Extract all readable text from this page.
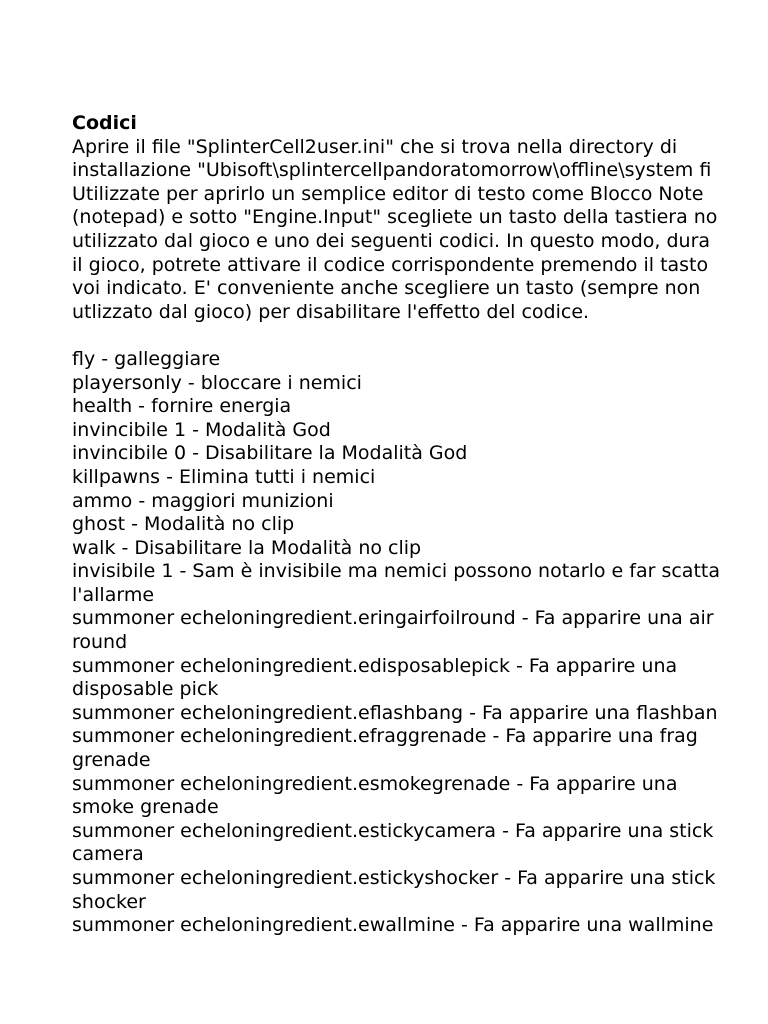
Codici
Aprire il file "SplinterCell2user.ini" che si trova nella directory di
installazione "Ubisoft\splintercellpandoratomorrow\offline\system fi
Utilizzate per aprirlo un semplice editor di testo come Blocco Note
(notepad) e sotto "Engine.Input" scegliete un tasto della tastiera no
utilizzato dal gioco e uno dei seguenti codici. In questo modo, dura
il gioco, potrete attivare il codice corrispondente premendo il tasto
voi indicato. E' conveniente anche scegliere un tasto (sempre non
utlizzato dal gioco) per disabilitare l'effetto del codice.
fly - galleggiare
playersonly - bloccare i nemici
health - fornire energia
invincibile 1 - Modalità God
invincibile 0 - Disabilitare la Modalità God
killpawns - Elimina tutti i nemici
ammo - maggiori munizioni
ghost - Modalità no clip
walk - Disabilitare la Modalità no clip
invisibile 1 - Sam è invisibile ma nemici possono notarlo e far scatta
l'allarme
summoner echeloningredient.eringairfoilround - Fa apparire una air
round
summoner echeloningredient.edisposablepick - Fa apparire una
disposable pick
summoner echeloningredient.eflashbang - Fa apparire una flashban
summoner echeloningredient.efraggrenade - Fa apparire una frag
grenade
summoner echeloningredient.esmokegrenade - Fa apparire una
smoke grenade
summoner echeloningredient.estickycamera - Fa apparire una stick
camera
summoner echeloningredient.estickyshocker - Fa apparire una stick
shocker
summoner echeloningredient.ewallmine - Fa apparire una wallmine
